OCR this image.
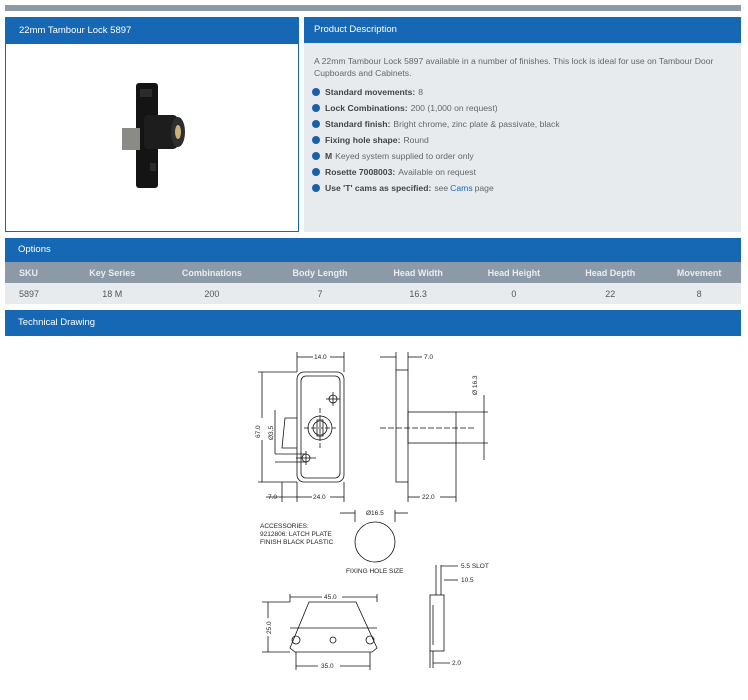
22mm Tambour Lock 5897	Product Description

A 22mm Tambour Lock 5897 available in a number of finishes. This lock is ideal for use on Tambour Door Cupboards and Cabinets.

Standard movements: 8
Lock Combinations: 200 (1,000 on request)
Standard finish: Bright chrome, zinc plate & passivate, black
Fixing hole shape: Round
M Keyed system supplied to order only
Rosette 7008003: Available on request
Use 'T' cams as specified: see Cams page
Options
SKU	Key Series	Combinations	Body Length	Head Width	Head Height	Head Depth	Movement
5897	18 M	200	7	16.3	0	22	8
Technical Drawing
14.0	7.0
Ø 16.3
67.0 Ø3.5
7.0	24.0	22.0
Ø16.5
FIXING HOLE SIZE
ACCESSORIES:
9212806: LATCH PLATE
FINISH BLACK PLASTIC
45.0
25.0
35.0
5.5 SLOT
10.5
2.0
